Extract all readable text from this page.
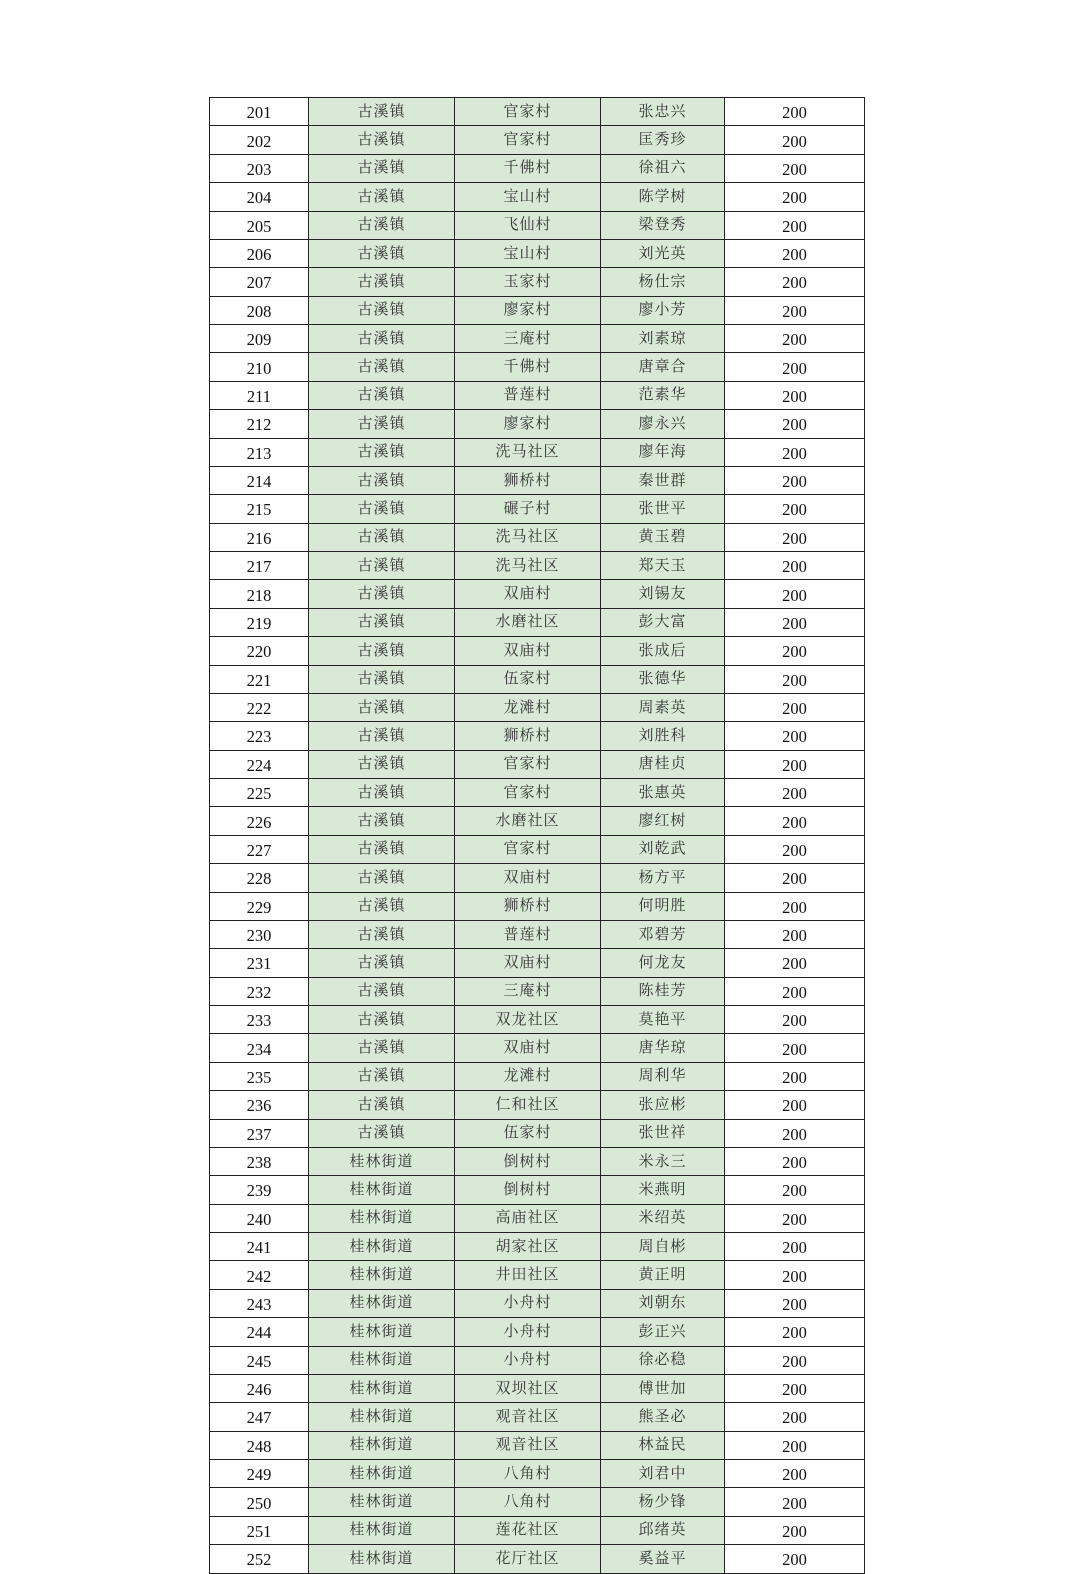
201	古溪镇	官家村	张忠兴	200
202	古溪镇	官家村	匡秀珍	200
203	古溪镇	千佛村	徐祖六	200
204	古溪镇	宝山村	陈学树	200
205	古溪镇	飞仙村	梁登秀	200
206	古溪镇	宝山村	刘光英	200
207	古溪镇	玉家村	杨仕宗	200
208	古溪镇	廖家村	廖小芳	200
209	古溪镇	三庵村	刘素琼	200
210	古溪镇	千佛村	唐章合	200
211	古溪镇	普莲村	范素华	200
212	古溪镇	廖家村	廖永兴	200
213	古溪镇	洗马社区	廖年海	200
214	古溪镇	狮桥村	秦世群	200
215	古溪镇	碾子村	张世平	200
216	古溪镇	洗马社区	黄玉碧	200
217	古溪镇	洗马社区	郑天玉	200
218	古溪镇	双庙村	刘锡友	200
219	古溪镇	水磨社区	彭大富	200
220	古溪镇	双庙村	张成后	200
221	古溪镇	伍家村	张德华	200
222	古溪镇	龙滩村	周素英	200
223	古溪镇	狮桥村	刘胜科	200
224	古溪镇	官家村	唐桂贞	200
225	古溪镇	官家村	张惠英	200
226	古溪镇	水磨社区	廖红树	200
227	古溪镇	官家村	刘乾武	200
228	古溪镇	双庙村	杨方平	200
229	古溪镇	狮桥村	何明胜	200
230	古溪镇	普莲村	邓碧芳	200
231	古溪镇	双庙村	何龙友	200
232	古溪镇	三庵村	陈桂芳	200
233	古溪镇	双龙社区	莫艳平	200
234	古溪镇	双庙村	唐华琼	200
235	古溪镇	龙滩村	周利华	200
236	古溪镇	仁和社区	张应彬	200
237	古溪镇	伍家村	张世祥	200
238	桂林街道	倒树村	米永三	200
239	桂林街道	倒树村	米燕明	200
240	桂林街道	高庙社区	米绍英	200
241	桂林街道	胡家社区	周自彬	200
242	桂林街道	井田社区	黄正明	200
243	桂林街道	小舟村	刘朝东	200
244	桂林街道	小舟村	彭正兴	200
245	桂林街道	小舟村	徐必稳	200
246	桂林街道	双坝社区	傅世加	200
247	桂林街道	观音社区	熊圣必	200
248	桂林街道	观音社区	林益民	200
249	桂林街道	八角村	刘君中	200
250	桂林街道	八角村	杨少锋	200
251	桂林街道	莲花社区	邱绪英	200
252	桂林街道	花厅社区	奚益平	200
